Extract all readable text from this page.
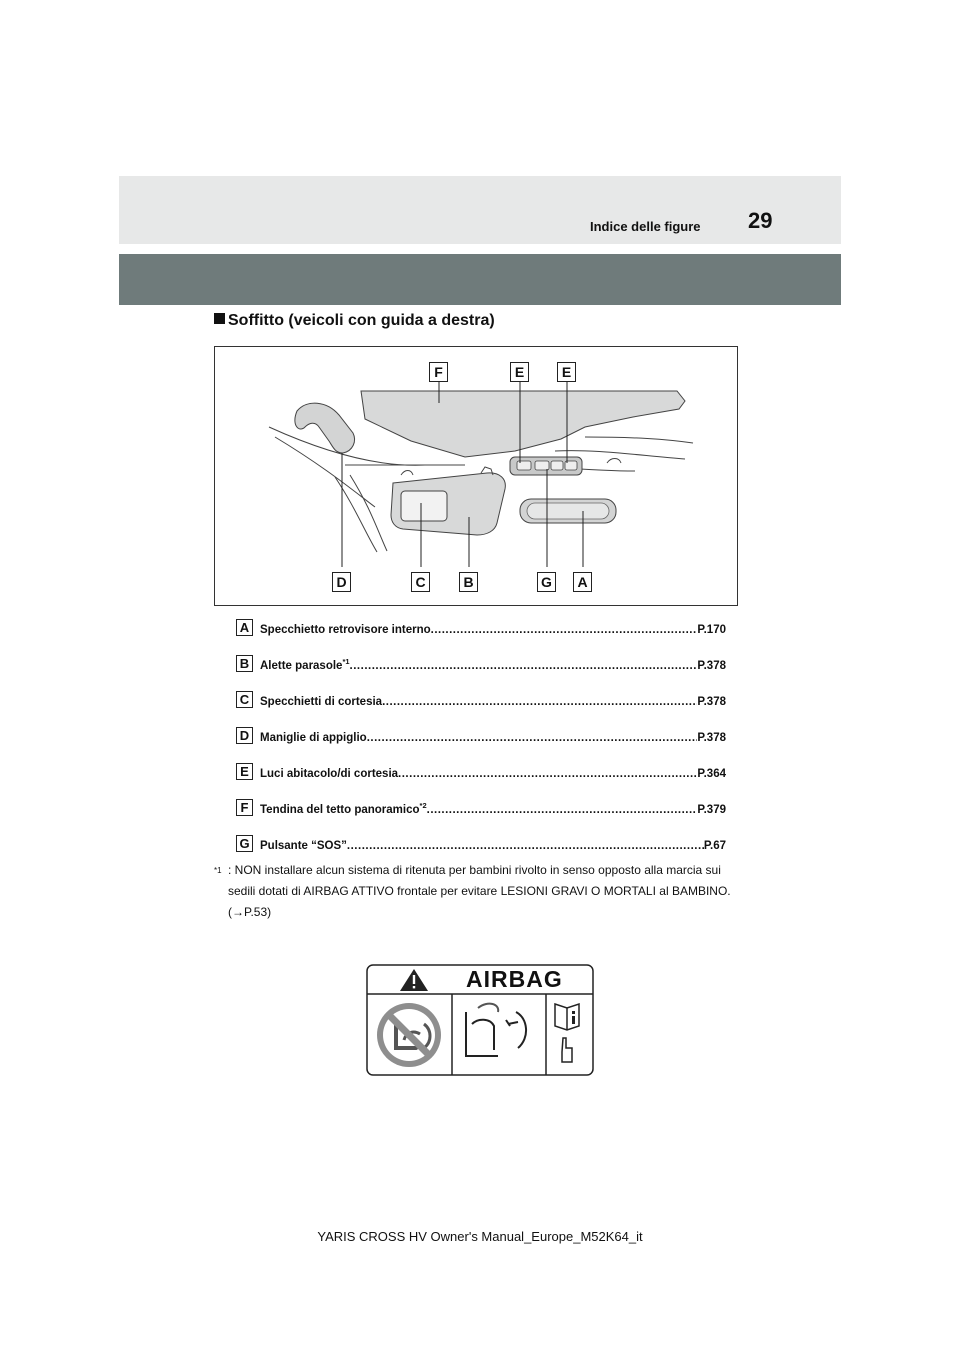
29
Indice delle figure
Soffitto (veicoli con guida a destra)
F	E	E
D	C	B	G	A
A Specchietto retrovisore interno .....	P.170
B Alette parasole$^{*1}$ .....	P.378
C Specchietti di cortesia .....	P.378
D Maniglie di appiglio .....	P.378
E Luci abitacolo/di cortesia .....	P.364
F	Tendina del tetto panoramico$^{*2}$ .....	P.379
G Pulsante “SOS” .....	P.67
$^{*1}$ : NON installare alcun sistema di ritenuta per bambini rivolto in senso opposto alla marcia sui sedili dotati di AIRBAG ATTIVO frontale per evitare LESIONI GRAVI O MORTALI al BAMBINO. (→P.53)
AIRBAG
YARIS CROSS HV Owner's Manual_Europe_M52K64_it
